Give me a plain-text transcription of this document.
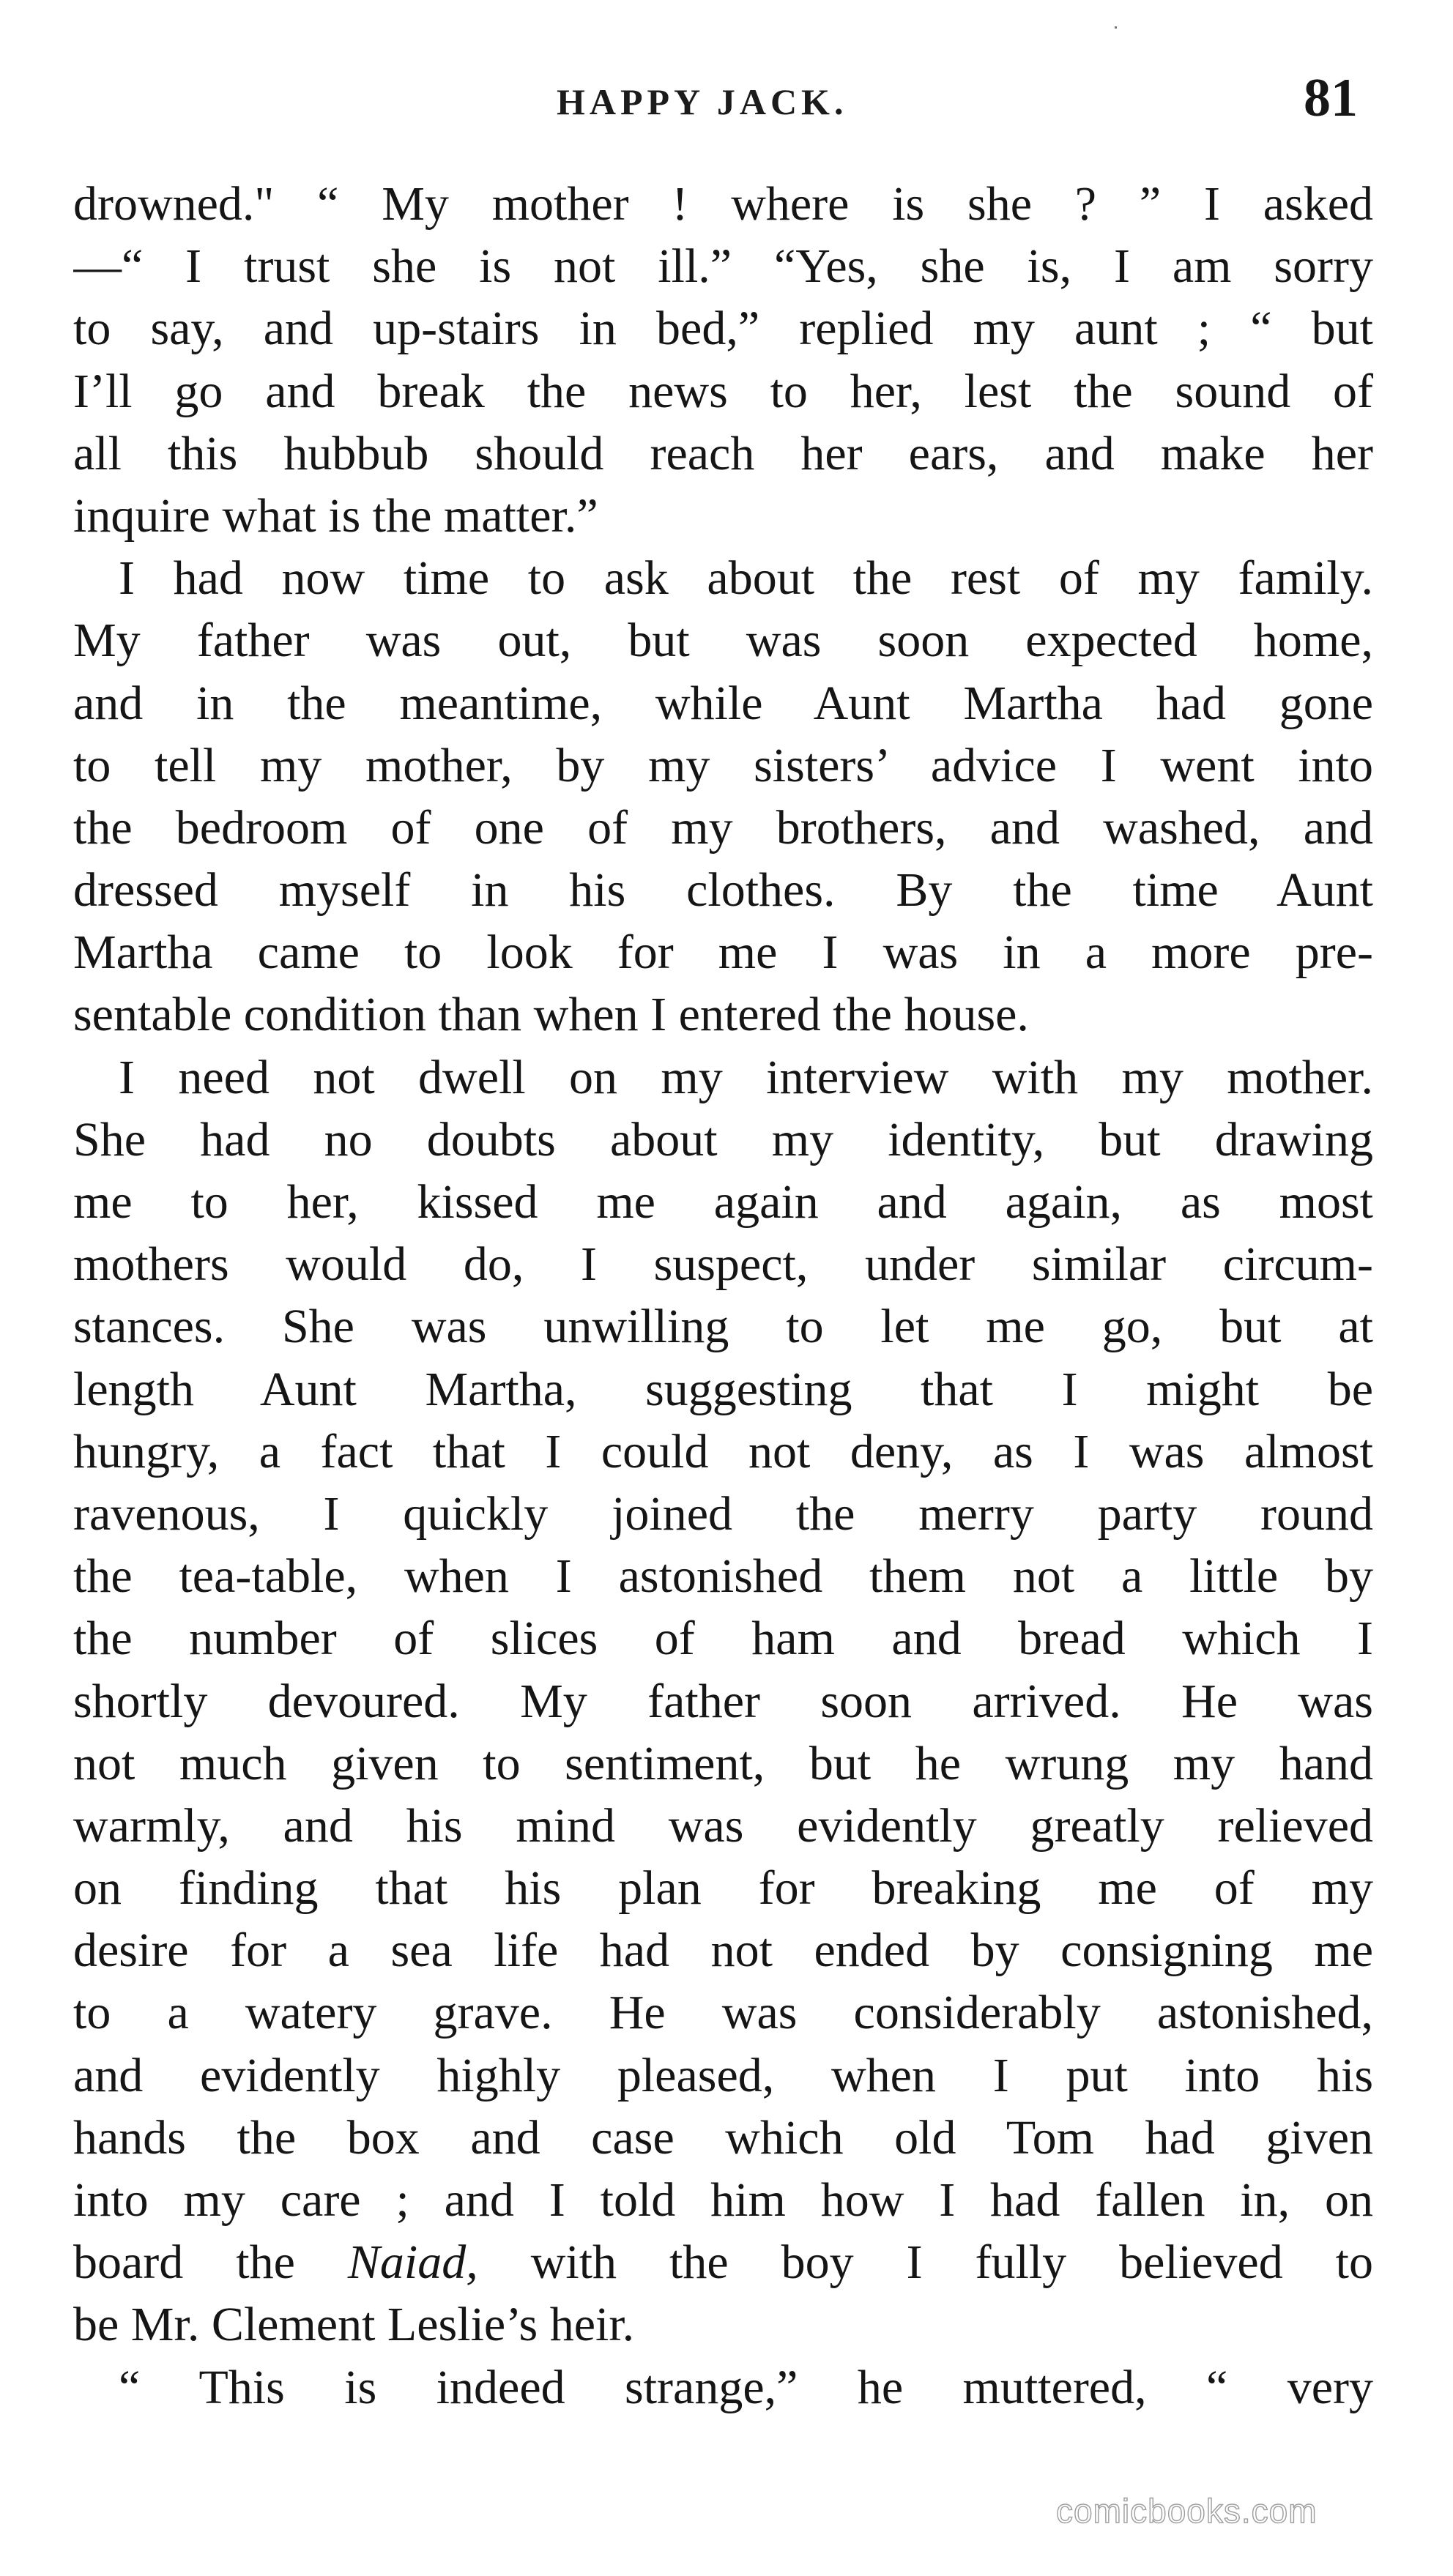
HAPPY JACK.	81
drowned." “ My mother ! where is she ? ” I asked
—“ I trust she is not ill.” “Yes, she is, I am sorry
to say, and up-stairs in bed,” replied my aunt ; “ but
I’ll go and break the news to her, lest the sound of
all this hubbub should reach her ears, and make her
inquire what is the matter.”
I had now time to ask about the rest of my family.
My father was out, but was soon expected home,
and in the meantime, while Aunt Martha had gone
to tell my mother, by my sisters’ advice I went into
the bedroom of one of my brothers, and washed, and
dressed myself in his clothes. By the time Aunt
Martha came to look for me I was in a more pre-
sentable condition than when I entered the house.
I need not dwell on my interview with my mother.
She had no doubts about my identity, but drawing
me to her, kissed me again and again, as most
mothers would do, I suspect, under similar circum-
stances. She was unwilling to let me go, but at
length Aunt Martha, suggesting that I might be
hungry, a fact that I could not deny, as I was almost
ravenous, I quickly joined the merry party round
the tea-table, when I astonished them not a little by
the number of slices of ham and bread which I
shortly devoured. My father soon arrived. He was
not much given to sentiment, but he wrung my hand
warmly, and his mind was evidently greatly relieved
on finding that his plan for breaking me of my
desire for a sea life had not ended by consigning me
to a watery grave. He was considerably astonished,
and evidently highly pleased, when I put into his
hands the box and case which old Tom had given
into my care ; and I told him how I had fallen in, on
board the Naiad, with the boy I fully believed to
be Mr. Clement Leslie’s heir.
“ This is indeed strange,” he muttered, “ very
comicbooks.com
